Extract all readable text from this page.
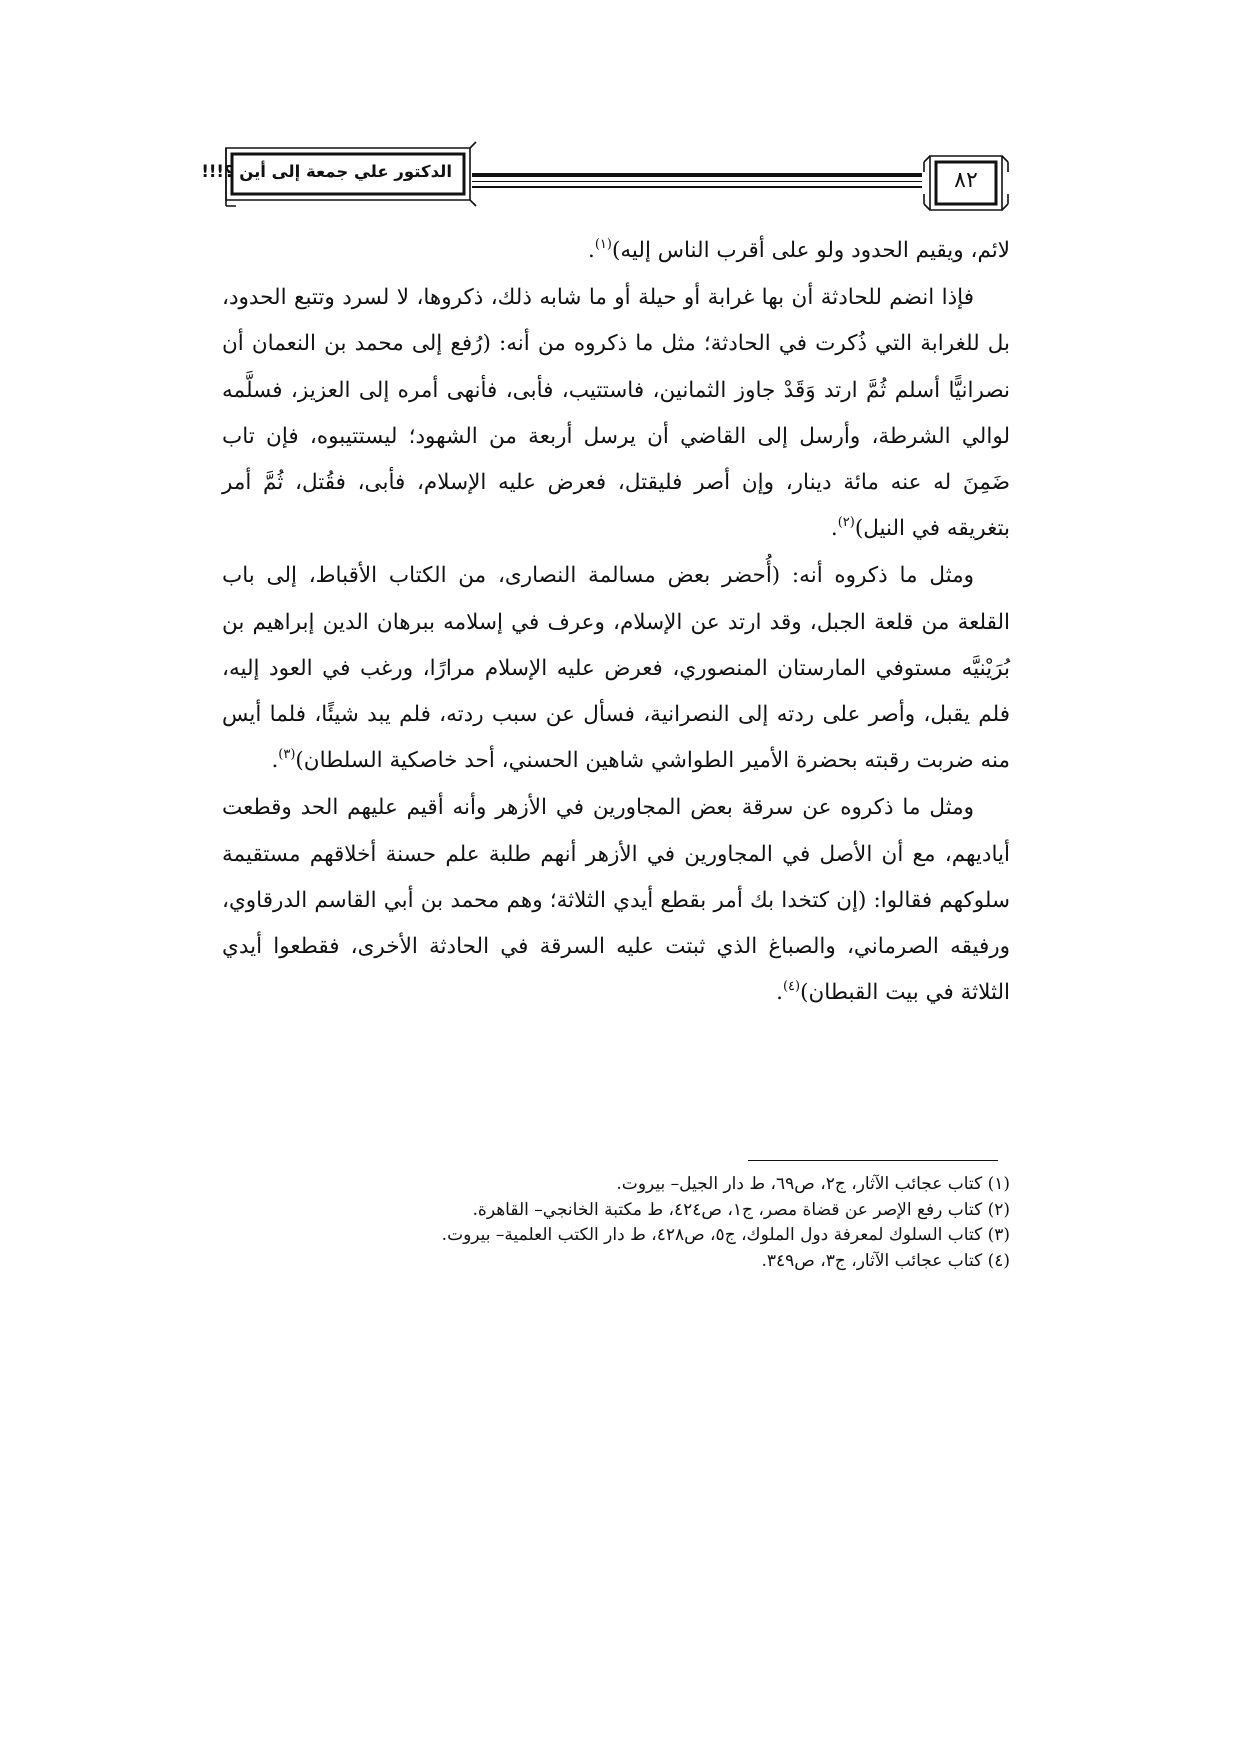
الدكتور علي جمعة إلى أين ؟!!!	٨٢

لائم، ويقيم الحدود ولو على أقرب الناس إليه)$^{(١)}$.

فإذا انضم للحادثة أن بها غرابة أو حيلة أو ما شابه ذلك، ذكروها، لا لسرد وتتبع الحدود، بل للغرابة التي ذُكرت في الحادثة؛ مثل ما ذكروه من أنه: (رُفع إلى محمد بن النعمان أن نصرانيًّا أسلم ثُمَّ ارتد وَقَدْ جاوز الثمانين، فاستتيب، فأبى، فأنهى أمره إلى العزيز، فسلَّمه لوالي الشرطة، وأرسل إلى القاضي أن يرسل أربعة من الشهود؛ ليستتيبوه، فإن تاب ضَمِنَ له عنه مائة دينار، وإن أصر فليقتل، فعرض عليه الإسلام، فأبى، فقُتل، ثُمَّ أمر بتغريقه في النيل)$^{(٢)}$.

ومثل ما ذكروه أنه: (أُحضر بعض مسالمة النصارى، من الكتاب الأقباط، إلى باب القلعة من قلعة الجبل، وقد ارتد عن الإسلام، وعرف في إسلامه ببرهان الدين إبراهيم بن بُرَيْنيَّه مستوفي المارستان المنصوري، فعرض عليه الإسلام مرارًا، ورغب في العود إليه، فلم يقبل، وأصر على ردته إلى النصرانية، فسأل عن سبب ردته، فلم يبد شيئًا، فلما أيس منه ضربت رقبته بحضرة الأمير الطواشي شاهين الحسني، أحد خاصكية السلطان)$^{(٣)}$.

ومثل ما ذكروه عن سرقة بعض المجاورين في الأزهر وأنه أقيم عليهم الحد وقطعت أياديهم، مع أن الأصل في المجاورين في الأزهر أنهم طلبة علم حسنة أخلاقهم مستقيمة سلوكهم فقالوا: (إن كتخدا بك أمر بقطع أيدي الثلاثة؛ وهم محمد بن أبي القاسم الدرقاوي، ورفيقه الصرماني، والصباغ الذي ثبتت عليه السرقة في الحادثة الأخرى، فقطعوا أيدي الثلاثة في بيت القبطان)$^{(٤)}$.

(١) كتاب عجائب الآثار، ج٢، ص٦٩، ط دار الجيل– بيروت.

(٢) كتاب رفع الإصر عن قضاة مصر، ج١، ص٤٢٤، ط مكتبة الخانجي– القاهرة.

(٣) كتاب السلوك لمعرفة دول الملوك، ج٥، ص٤٢٨، ط دار الكتب العلمية– بيروت.

(٤) كتاب عجائب الآثار، ج٣، ص٣٤٩.
